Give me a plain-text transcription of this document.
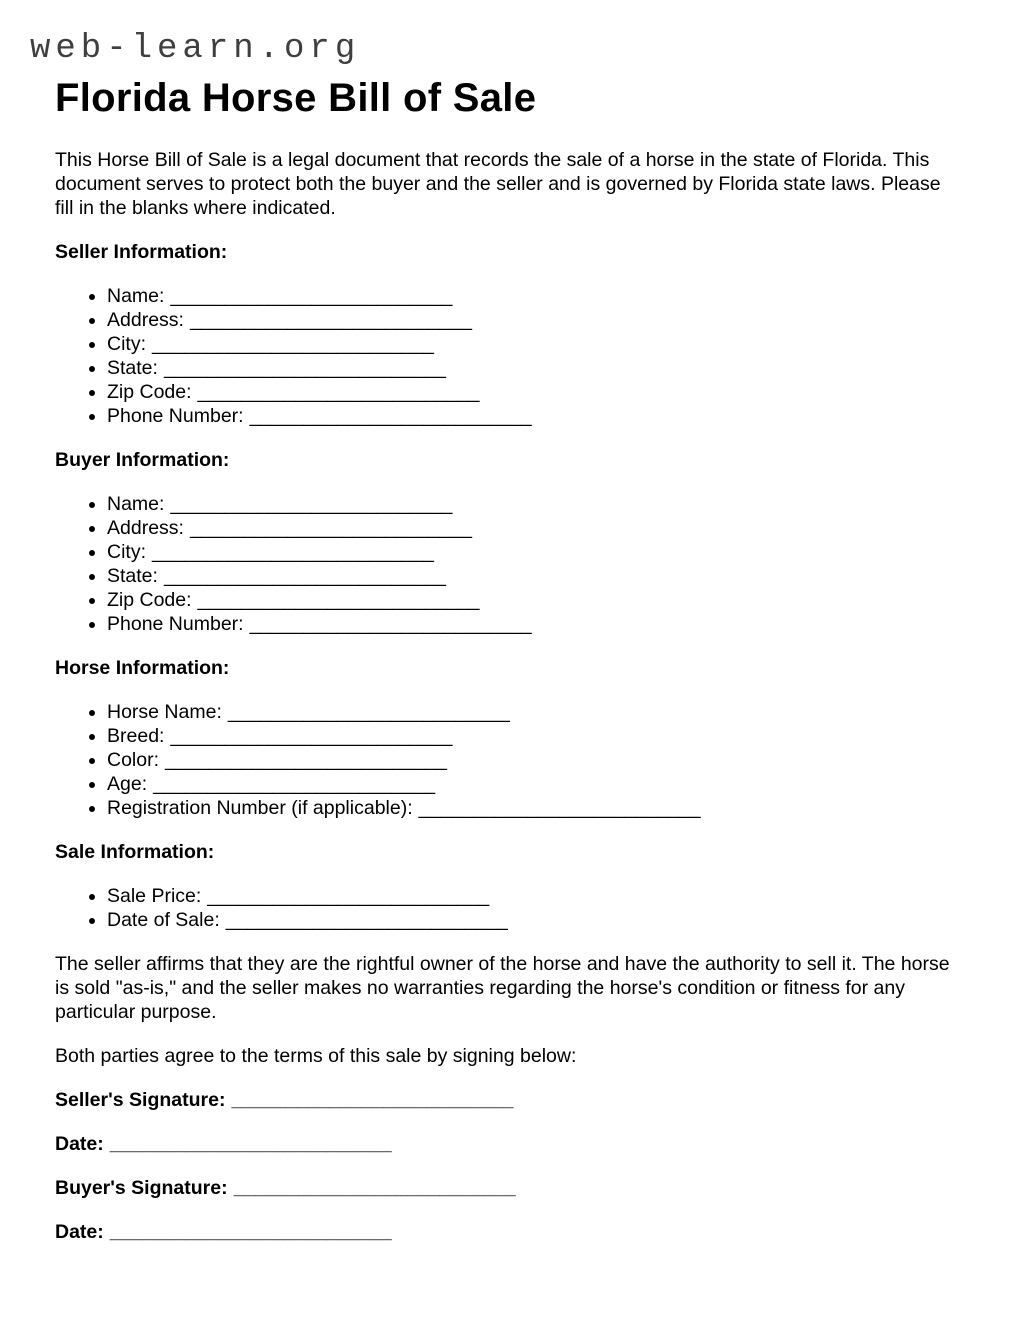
web-learn.org
Florida Horse Bill of Sale

This Horse Bill of Sale is a legal document that records the sale of a horse in the state of Florida. This document serves to protect both the buyer and the seller and is governed by Florida state laws. Please fill in the blanks where indicated.

Seller Information:

• Name: __________________________
• Address: __________________________
• City: __________________________
• State: __________________________
• Zip Code: __________________________
• Phone Number: __________________________

Buyer Information:

• Name: __________________________
• Address: __________________________
• City: __________________________
• State: __________________________
• Zip Code: __________________________
• Phone Number: __________________________

Horse Information:

• Horse Name: __________________________
• Breed: __________________________
• Color: __________________________
• Age: __________________________
• Registration Number (if applicable): __________________________

Sale Information:

• Sale Price: __________________________
• Date of Sale: __________________________

The seller affirms that they are the rightful owner of the horse and have the authority to sell it. The horse is sold "as-is," and the seller makes no warranties regarding the horse's condition or fitness for any particular purpose.

Both parties agree to the terms of this sale by signing below:

Seller's Signature: __________________________

Date: __________________________

Buyer's Signature: __________________________

Date: __________________________
